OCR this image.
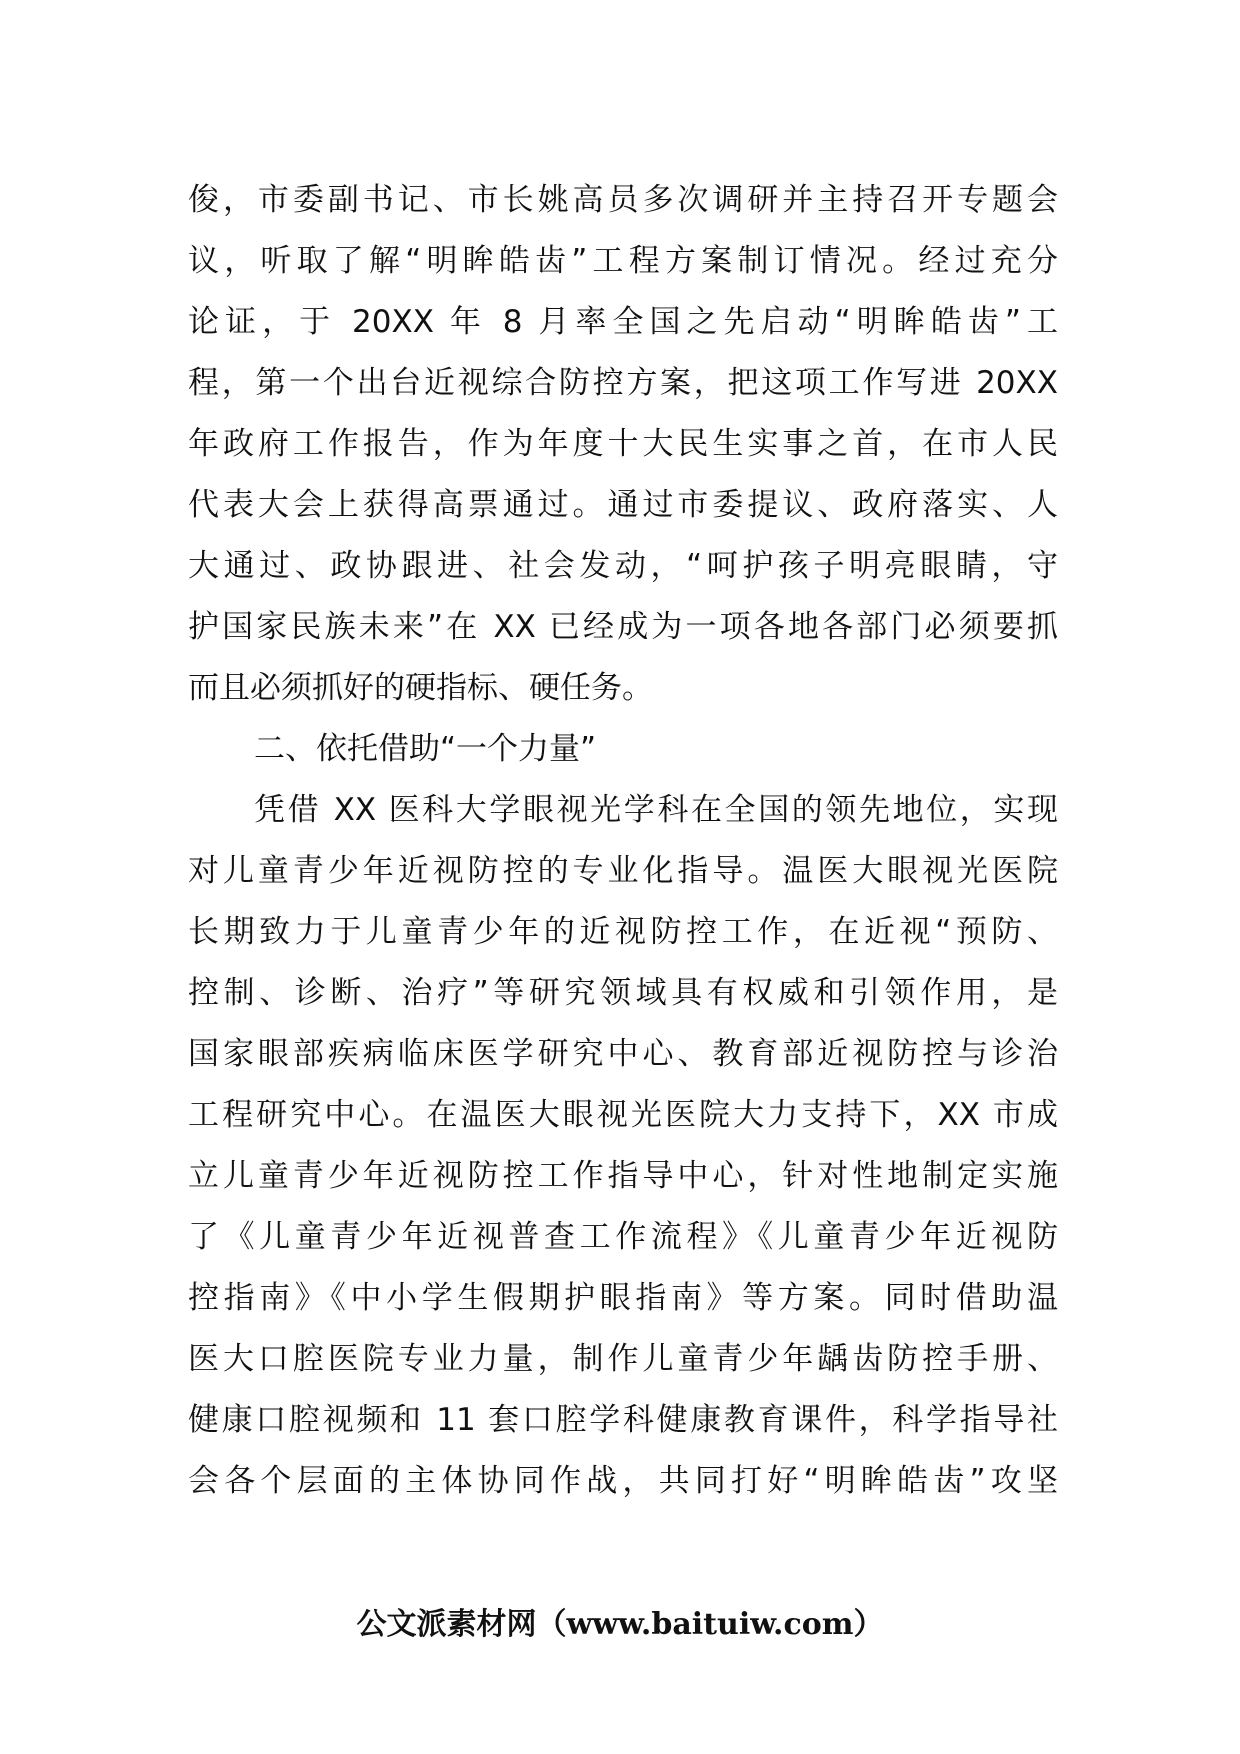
俊，市委副书记、市长姚高员多次调研并主持召开专题会
议，听取了解“明眸皓齿”工程方案制订情况。经过充分
论证，于 20XX 年 8 月率全国之先启动“明眸皓齿”工
程，第一个出台近视综合防控方案，把这项工作写进 20XX
年政府工作报告，作为年度十大民生实事之首，在市人民
代表大会上获得高票通过。通过市委提议、政府落实、人
大通过、政协跟进、社会发动，“呵护孩子明亮眼睛，守
护国家民族未来”在 XX 已经成为一项各地各部门必须要抓
而且必须抓好的硬指标、硬任务。
二、依托借助“一个力量”
凭借 XX 医科大学眼视光学科在全国的领先地位，实现
对儿童青少年近视防控的专业化指导。温医大眼视光医院
长期致力于儿童青少年的近视防控工作，在近视“预防、
控制、诊断、治疗”等研究领域具有权威和引领作用，是
国家眼部疾病临床医学研究中心、教育部近视防控与诊治
工程研究中心。在温医大眼视光医院大力支持下，XX 市成
立儿童青少年近视防控工作指导中心，针对性地制定实施
了《儿童青少年近视普查工作流程》《儿童青少年近视防
控指南》《中小学生假期护眼指南》等方案。同时借助温
医大口腔医院专业力量，制作儿童青少年龋齿防控手册、
健康口腔视频和 11 套口腔学科健康教育课件，科学指导社
会各个层面的主体协同作战，共同打好“明眸皓齿”攻坚
公文派素材网（www.baituiw.com）
